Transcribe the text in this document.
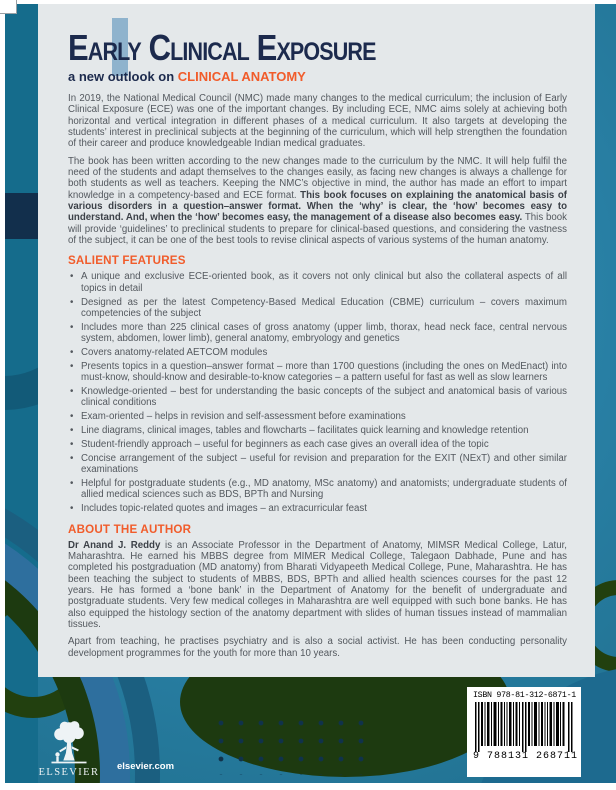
Early Clinical Exposure
a new outlook on CLINICAL ANATOMY

In 2019, the National Medical Council (NMC) made many changes to the medical curriculum; the inclusion of Early Clinical Exposure (ECE) was one of the important changes. By including ECE, NMC aims solely at achieving both horizontal and vertical integration in different phases of a medical curriculum. It also targets at developing the students’ interest in preclinical subjects at the beginning of the curriculum, which will help strengthen the foundation of their career and produce knowledgeable Indian medical graduates.

The book has been written according to the new changes made to the curriculum by the NMC. It will help fulfil the need of the students and adapt themselves to the changes easily, as facing new changes is always a challenge for both students as well as teachers. Keeping the NMC’s objective in mind, the author has made an effort to impart knowledge in a competency-based and ECE format. This book focuses on explaining the anatomical basis of various disorders in a question–answer format. When the ‘why’ is clear, the ‘how’ becomes easy to understand. And, when the ‘how’ becomes easy, the management of a disease also becomes easy. This book will provide ‘guidelines’ to preclinical students to prepare for clinical-based questions, and considering the vastness of the subject, it can be one of the best tools to revise clinical aspects of various systems of the human anatomy.

SALIENT FEATURES
• A unique and exclusive ECE-oriented book, as it covers not only clinical but also the collateral aspects of all topics in detail
• Designed as per the latest Competency-Based Medical Education (CBME) curriculum – covers maximum competencies of the subject
• Includes more than 225 clinical cases of gross anatomy (upper limb, thorax, head neck face, central nervous system, abdomen, lower limb), general anatomy, embryology and genetics
• Covers anatomy-related AETCOM modules
• Presents topics in a question–answer format – more than 1700 questions (including the ones on MedEnact) into must-know, should-know and desirable-to-know categories – a pattern useful for fast as well as slow learners
• Knowledge-oriented – best for understanding the basic concepts of the subject and anatomical basis of various clinical conditions
• Exam-oriented – helps in revision and self-assessment before examinations
• Line diagrams, clinical images, tables and flowcharts – facilitates quick learning and knowledge retention
• Student-friendly approach – useful for beginners as each case gives an overall idea of the topic
• Concise arrangement of the subject – useful for revision and preparation for the EXIT (NExT) and other similar examinations
• Helpful for postgraduate students (e.g., MD anatomy, MSc anatomy) and anatomists; undergraduate students of allied medical sciences such as BDS, BPTh and Nursing
• Includes topic-related quotes and images – an extracurricular feast
ABOUT THE AUTHOR

Dr Anand J. Reddy is an Associate Professor in the Department of Anatomy, MIMSR Medical College, Latur, Maharashtra. He earned his MBBS degree from MIMER Medical College, Talegaon Dabhade, Pune and has completed his postgraduation (MD anatomy) from Bharati Vidyapeeth Medical College, Pune, Maharashtra. He has been teaching the subject to students of MBBS, BDS, BPTh and allied health sciences courses for the past 12 years. He has formed a ‘bone bank’ in the Department of Anatomy for the benefit of undergraduate and postgraduate students. Very few medical colleges in Maharashtra are well equipped with such bone banks. He has also equipped the histology section of the anatomy department with slides of human tissues instead of mammalian tissues.

Apart from teaching, he practises psychiatry and is also a social activist. He has been conducting personality development programmes for the youth for more than 10 years.

ELSEVIER
elsevier.com
ISBN 978-81-312-6871-1
9 788131 268711
